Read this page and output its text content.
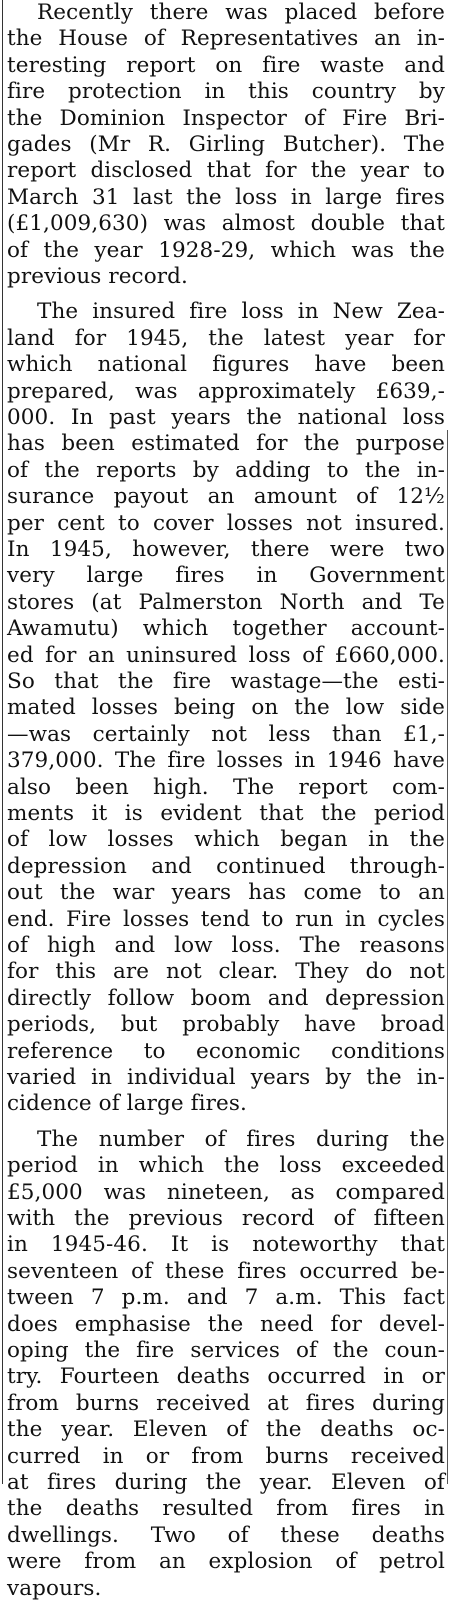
Recently there was placed before
the House of Representatives an in-
teresting report on fire waste and
fire protection in this country by
the Dominion Inspector of Fire Bri-
gades (Mr R. Girling Butcher). The
report disclosed that for the year to
March 31 last the loss in large fires
(£1,009,630) was almost double that
of the year 1928-29, which was the
previous record.
The insured fire loss in New Zea-
land for 1945, the latest year for
which national figures have been
prepared, was approximately £639,-
000. In past years the national loss
has been estimated for the purpose
of the reports by adding to the in-
surance payout an amount of 12½
per cent to cover losses not insured.
In 1945, however, there were two
very large fires in Government
stores (at Palmerston North and Te
Awamutu) which together account-
ed for an uninsured loss of £660,000.
So that the fire wastage—the esti-
mated losses being on the low side
—was certainly not less than £1,-
379,000. The fire losses in 1946 have
also been high. The report com-
ments it is evident that the period
of low losses which began in the
depression and continued through-
out the war years has come to an
end. Fire losses tend to run in cycles
of high and low loss. The reasons
for this are not clear. They do not
directly follow boom and depression
periods, but probably have broad
reference to economic conditions
varied in individual years by the in-
cidence of large fires.
The number of fires during the
period in which the loss exceeded
£5,000 was nineteen, as compared
with the previous record of fifteen
in 1945-46. It is noteworthy that
seventeen of these fires occurred be-
tween 7 p.m. and 7 a.m. This fact
does emphasise the need for devel-
oping the fire services of the coun-
try. Fourteen deaths occurred in or
from burns received at fires during
the year. Eleven of the deaths oc-
curred in or from burns received
at fires during the year. Eleven of
the deaths resulted from fires in
dwellings. Two of these deaths
were from an explosion of petrol
vapours.
